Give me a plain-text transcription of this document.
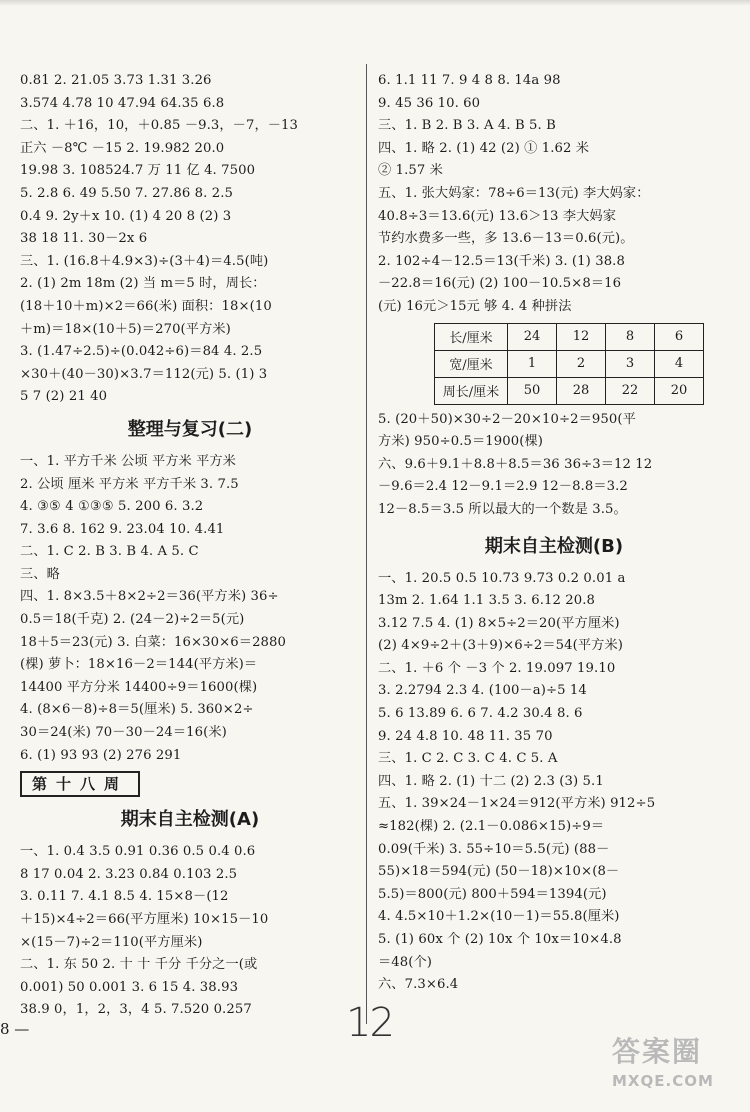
0.81 2. 21.05 3.73 1.31 3.26
3.574 4.78 10 47.94 64.35 6.8
二、1. ＋16，10，＋0.85 －9.3，－7，－13
正六 －8℃ －15 2. 19.982 20.0
19.98 3. 108524.7 万 11 亿 4. 7500
5. 2.8 6. 49 5.50 7. 27.86 8. 2.5
0.4 9. 2y＋x 10. (1) 4 20 8 (2) 3
38 18 11. 30－2x 6
三、1. (16.8＋4.9×3)÷(3＋4)＝4.5(吨)
2. (1) 2m 18m (2) 当 m＝5 时，周长：
(18＋10＋m)×2＝66(米) 面积：18×(10
＋m)＝18×(10＋5)＝270(平方米)
3. (1.47÷2.5)÷(0.042÷6)＝84 4. 2.5
×30＋(40－30)×3.7＝112(元) 5. (1) 3
5 7 (2) 21 40
整理与复习(二)
一、1. 平方千米 公顷 平方米 平方米
2. 公顷 厘米 平方米 平方千米 3. 7.5
4. ③⑤ 4 ①③⑤ 5. 200 6. 3.2
7. 3.6 8. 162 9. 23.04 10. 4.41
二、1. C 2. B 3. B 4. A 5. C
三、略
四、1. 8×3.5＋8×2÷2＝36(平方米) 36÷
0.5＝18(千克) 2. (24－2)÷2＝5(元)
18＋5＝23(元) 3. 白菜：16×30×6＝2880
(棵) 萝卜：18×16－2＝144(平方米)＝
14400 平方分米 14400÷9＝1600(棵)
4. (8×6－8)÷8＝5(厘米) 5. 360×2÷
30＝24(米) 70－30－24＝16(米)
6. (1) 93 93 (2) 276 291
第十八周
期末自主检测(A)
一、1. 0.4 3.5 0.91 0.36 0.5 0.4 0.6
8 17 0.04 2. 3.23 0.84 0.103 2.5
3. 0.11 7. 4.1 8.5 4. 15×8－(12
＋15)×4÷2＝66(平方厘米) 10×15－10
×(15－7)÷2＝110(平方厘米)
二、1. 东 50 2. 十 十 千分 千分之一(或
0.001) 50 0.001 3. 6 15 4. 38.93
38.9 0，1，2，3，4 5. 7.520 0.257
6. 1.1 11 7. 9 4 8 8. 14a 98
9. 45 36 10. 60
三、1. B 2. B 3. A 4. B 5. B
四、1. 略 2. (1) 42 (2) ① 1.62 米
② 1.57 米
五、1. 张大妈家：78÷6＝13(元) 李大妈家：
40.8÷3＝13.6(元) 13.6＞13 李大妈家
节约水费多一些，多 13.6－13＝0.6(元)。
2. 102÷4－12.5＝13(千米) 3. (1) 38.8
－22.8＝16(元) (2) 100－10.5×8＝16
(元) 16元＞15元 够 4. 4 种拼法
长/厘米	24	12	8	6
宽/厘米	1	2	3	4
周长/厘米	50	28	22	20
5. (20＋50)×30÷2－20×10÷2＝950(平
方米) 950÷0.5＝1900(棵)
六、9.6＋9.1＋8.8＋8.5＝36 36÷3＝12 12
－9.6＝2.4 12－9.1＝2.9 12－8.8＝3.2
12－8.5＝3.5 所以最大的一个数是 3.5。
期末自主检测(B)
一、1. 20.5 0.5 10.73 9.73 0.2 0.01 a
13m 2. 1.64 1.1 3.5 3. 6.12 20.8
3.12 7.5 4. (1) 8×5÷2＝20(平方厘米)
(2) 4×9÷2＋(3＋9)×6÷2＝54(平方米)
二、1. ＋6 个 －3 个 2. 19.097 19.10
3. 2.2794 2.3 4. (100－a)÷5 14
5. 6 13.89 6. 6 7. 4.2 30.4 8. 6
9. 24 4.8 10. 48 11. 35 70
三、1. C 2. C 3. C 4. C 5. A
四、1. 略 2. (1) 十二 (2) 2.3 (3) 5.1
五、1. 39×24－1×24＝912(平方米) 912÷5
≈182(棵) 2. (2.1－0.086×15)÷9＝
0.09(千米) 3. 55÷10＝5.5(元) (88－
55)×18＝594(元) (50－18)×10×(8－
5.5)＝800(元) 800＋594＝1394(元)
4. 4.5×10＋1.2×(10－1)＝55.8(厘米)
5. (1) 60x 个 (2) 10x 个 10x＝10×4.8
＝48(个)
六、7.3×6.4
8 —	12
答案圈
MXQE.COM
